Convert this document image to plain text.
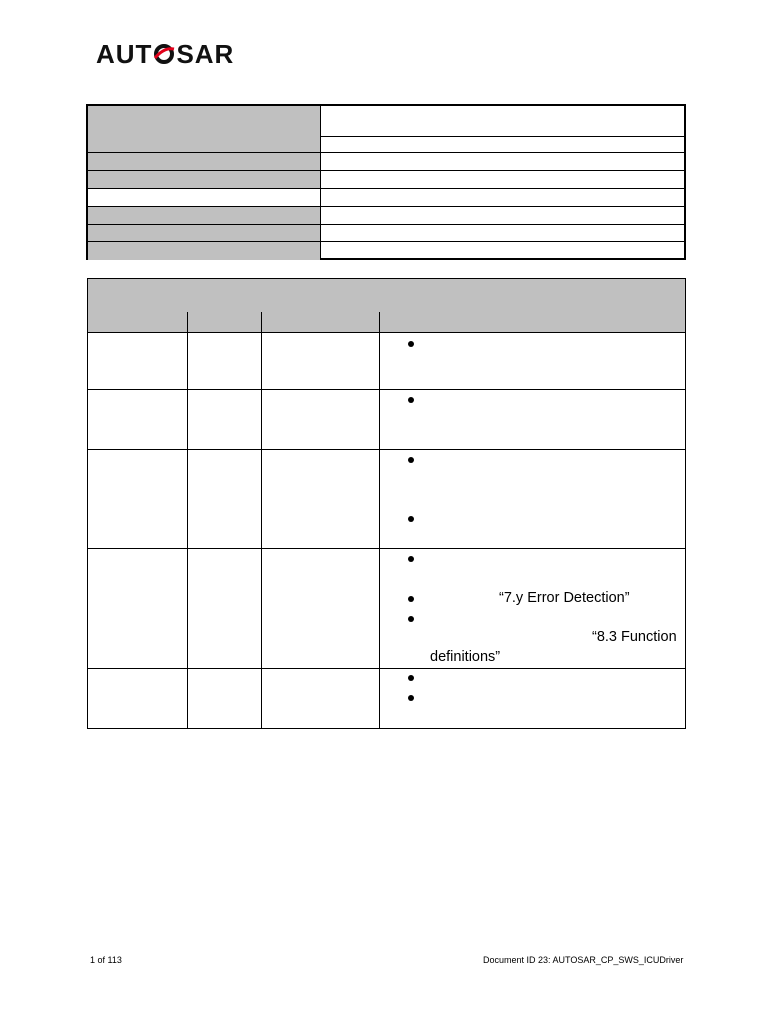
AUT SAR
“7.y Error Detection”
“8.3 Function
definitions”
1 of 113	Document ID 23: AUTOSAR_CP_SWS_ICUDriver
